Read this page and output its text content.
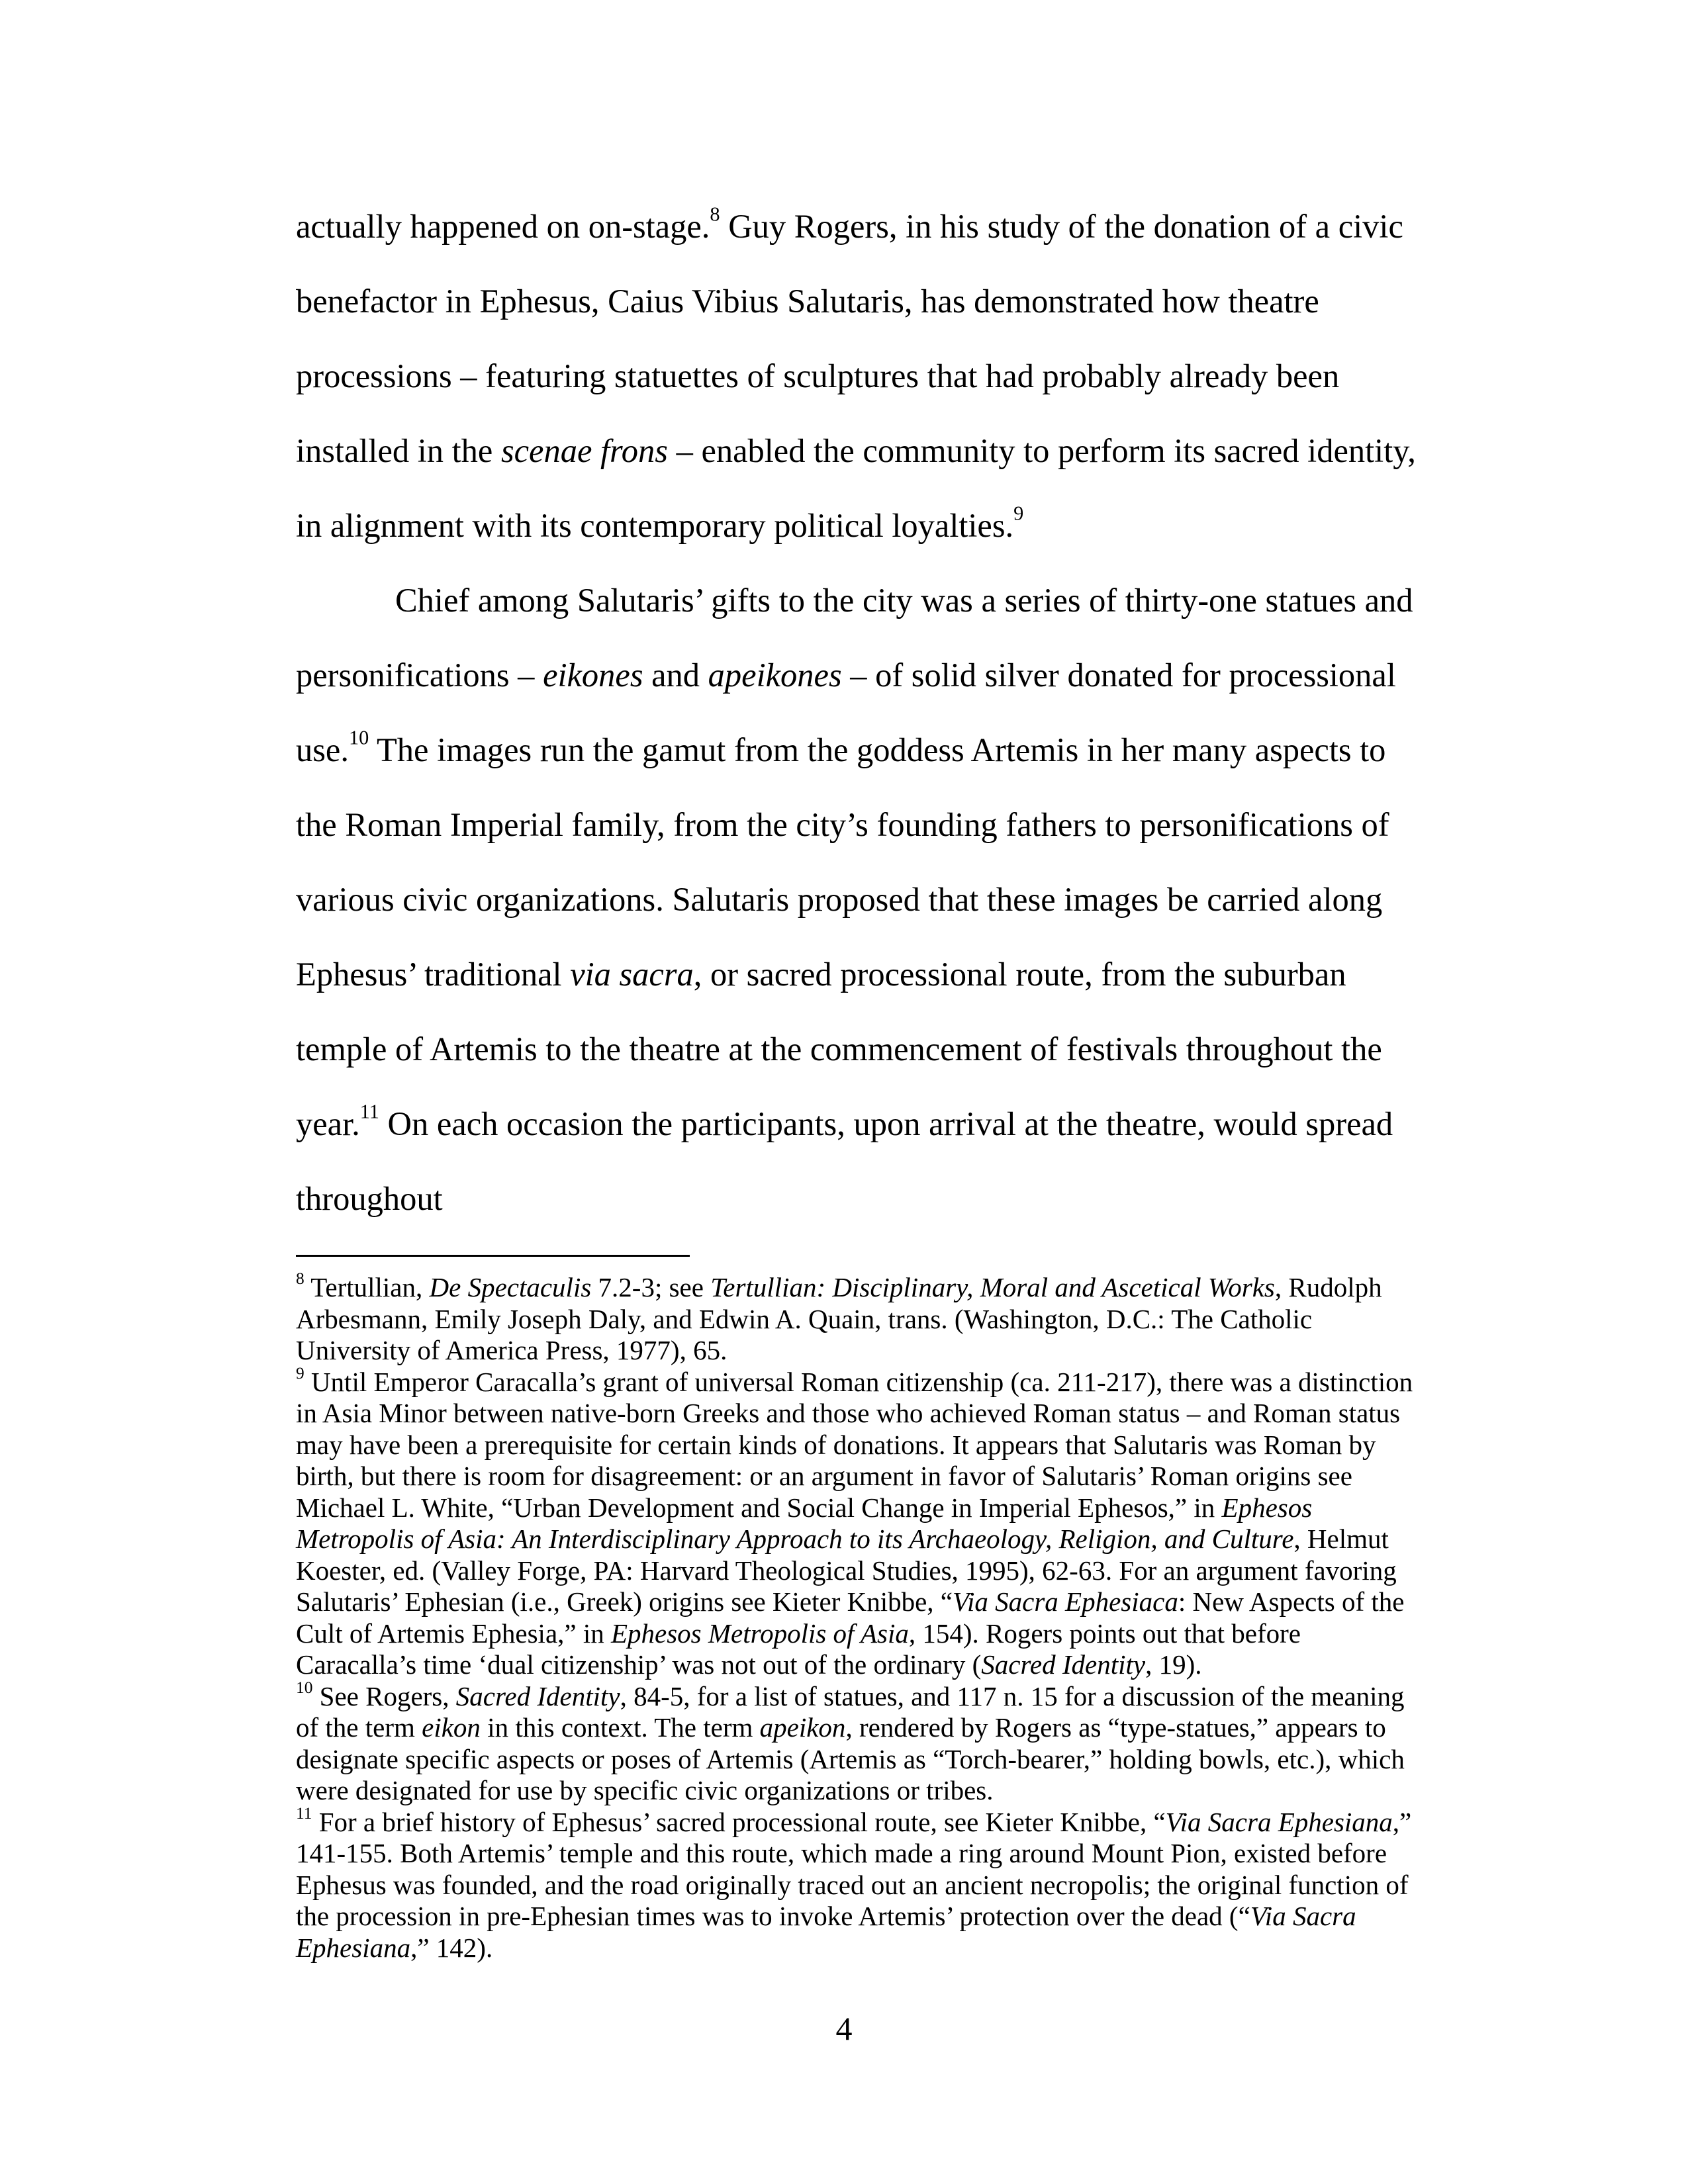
actually happened on on-stage.$^8$ Guy Rogers, in his study of the donation of a civic benefactor in Ephesus, Caius Vibius Salutaris, has demonstrated how theatre processions – featuring statuettes of sculptures that had probably already been installed in the scenae frons – enabled the community to perform its sacred identity, in alignment with its contemporary political loyalties.$^9$

Chief among Salutaris’ gifts to the city was a series of thirty-one statues and personifications – eikones and apeikones – of solid silver donated for processional use.$^{10}$ The images run the gamut from the goddess Artemis in her many aspects to the Roman Imperial family, from the city’s founding fathers to personifications of various civic organizations. Salutaris proposed that these images be carried along Ephesus’ traditional via sacra, or sacred processional route, from the suburban temple of Artemis to the theatre at the commencement of festivals throughout the year.$^{11}$ On each occasion the participants, upon arrival at the theatre, would spread throughout

$^8$ Tertullian, De Spectaculis 7.2-3; see Tertullian: Disciplinary, Moral and Ascetical Works, Rudolph Arbesmann, Emily Joseph Daly, and Edwin A. Quain, trans. (Washington, D.C.: The Catholic University of America Press, 1977), 65.

$^9$ Until Emperor Caracalla’s grant of universal Roman citizenship (ca. 211-217), there was a distinction in Asia Minor between native-born Greeks and those who achieved Roman status – and Roman status may have been a prerequisite for certain kinds of donations. It appears that Salutaris was Roman by birth, but there is room for disagreement: or an argument in favor of Salutaris’ Roman origins see Michael L. White, “Urban Development and Social Change in Imperial Ephesos,” in Ephesos Metropolis of Asia: An Interdisciplinary Approach to its Archaeology, Religion, and Culture, Helmut Koester, ed. (Valley Forge, PA: Harvard Theological Studies, 1995), 62-63. For an argument favoring Salutaris’ Ephesian (i.e., Greek) origins see Kieter Knibbe, “Via Sacra Ephesiaca: New Aspects of the Cult of Artemis Ephesia,” in Ephesos Metropolis of Asia, 154). Rogers points out that before Caracalla’s time ‘dual citizenship’ was not out of the ordinary (Sacred Identity, 19).

$^{10}$ See Rogers, Sacred Identity, 84-5, for a list of statues, and 117 n. 15 for a discussion of the meaning of the term eikon in this context. The term apeikon, rendered by Rogers as “type-statues,” appears to designate specific aspects or poses of Artemis (Artemis as “Torch-bearer,” holding bowls, etc.), which were designated for use by specific civic organizations or tribes.

$^{11}$ For a brief history of Ephesus’ sacred processional route, see Kieter Knibbe, “Via Sacra Ephesiana,” 141-155. Both Artemis’ temple and this route, which made a ring around Mount Pion, existed before Ephesus was founded, and the road originally traced out an ancient necropolis; the original function of the procession in pre-Ephesian times was to invoke Artemis’ protection over the dead (“Via Sacra Ephesiana,” 142).

4
